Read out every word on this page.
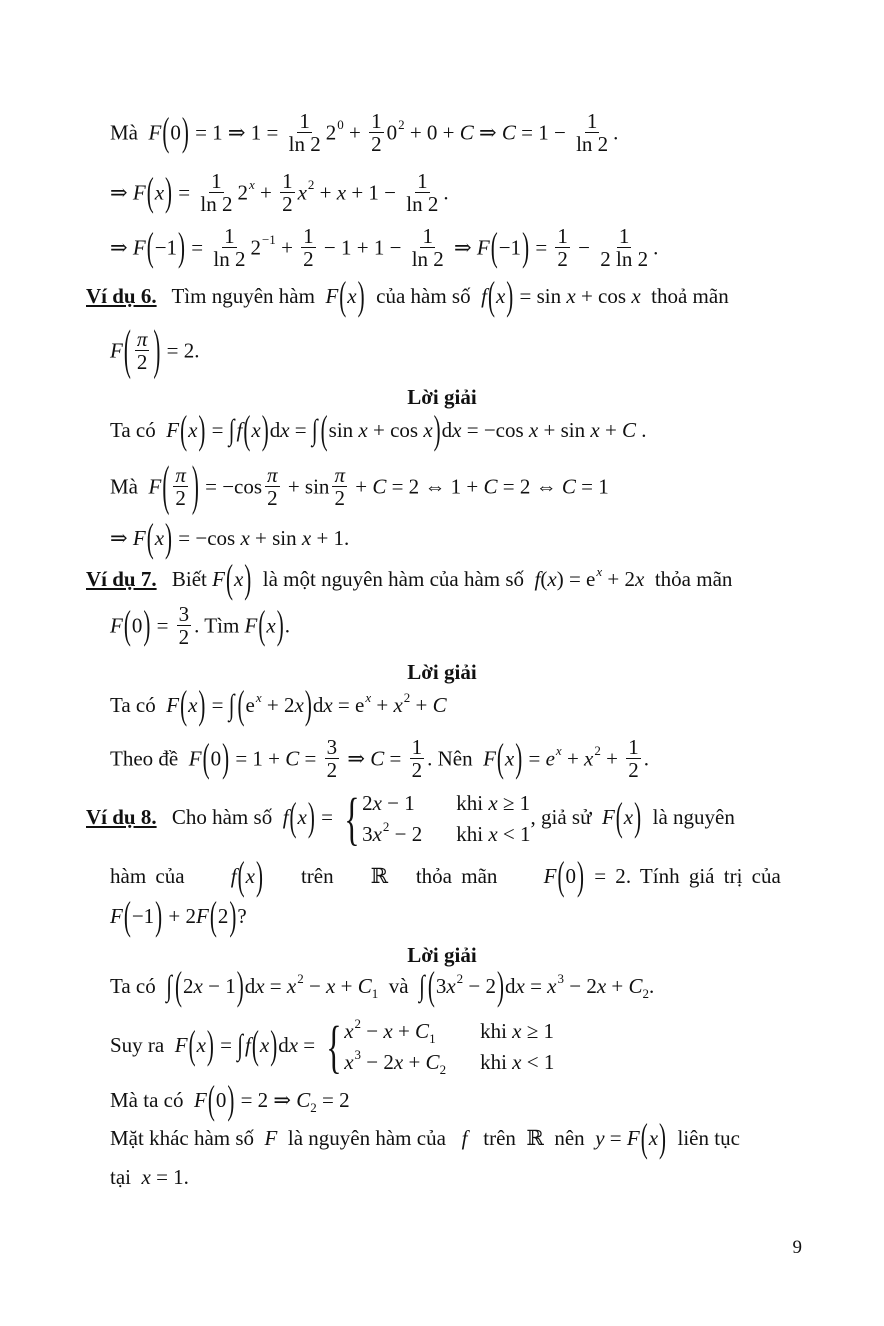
Mà F(0) = 1 ⇒ $1 = \frac{1}{\ln 2} 2^0 + \frac{1}{2} 0^2 + 0 + C$ ⇒ $C = 1 - \frac{1}{\ln 2}$ .
⇒ $F(x) = \frac{1}{\ln 2} 2^x + \frac{1}{2} x^2 + x + 1 - \frac{1}{\ln 2}$ .
⇒ $F(-1) = \frac{1}{\ln 2} 2^{-1} + \frac{1}{2} - 1 + 1 - \frac{1}{\ln 2}$ ⇒ $F(-1) = \frac{1}{2} - \frac{1}{2 \ln 2}$ .
Ví dụ 6. Tìm nguyên hàm F(x) của hàm số f(x) = sin x + cos x thoả mãn
$F( \frac{\pi}{2}$ ) = 2.
Lời giải
Ta có F(x) = ∫f(x)dx = ∫ (sin x + cos x)dx = −cos x + sin x + C .
Mà $F( \frac{\pi}{2}$ ) = $-\cos \frac{\pi}{2} + \sin \frac{\pi}{2} + C = 2$ ⇔ 1 + C = 2 ⇔ C = 1
⇒ F(x) = −cos x + sin x + 1.
Ví dụ 7. Biết F(x) là một nguyên hàm của hàm số $f(x) = e^x + 2x$ thỏa mãn
$F(0) = \frac{3}{2}$ . Tìm F(x).
Lời giải
Ta có F(x) = ∫ $(e^x + 2x)dx = e^x + x^2 + C$
Theo đề $F(0) = 1 + C = \frac{3}{2}$ ⇒ $C = \frac{1}{2}$ . Nên $F(x) = e^x + x^2 + \frac{1}{2}$ .
Ví dụ 8. Cho hàm số f(x) = { 2x − 1	khi x ≥ 1
$3x^2 - 2$ khi x < 1
, giả sử F(x) là nguyên
hàm của f(x) trên ℝ thỏa mãn F(0) = 2. Tính giá trị của
F(−1) + 2F(2)?
Lời giải
Ta có ∫ $(2x - 1)dx = x^2 - x + C_1$ và ∫ $(3x^2 - 2)dx = x^3 - 2x + C_2$.
Suy ra F(x) = ∫f(x)dx = { $x^2 - x + C_1$	khi x ≥ 1
$x^3 - 2x + C_2$ khi x < 1
Mà ta có F(0) = 2 ⇒ $C_2 = 2$
Mặt khác hàm số F là nguyên hàm của f trên ℝ nên y = F(x) liên tục
tại x = 1.
9
